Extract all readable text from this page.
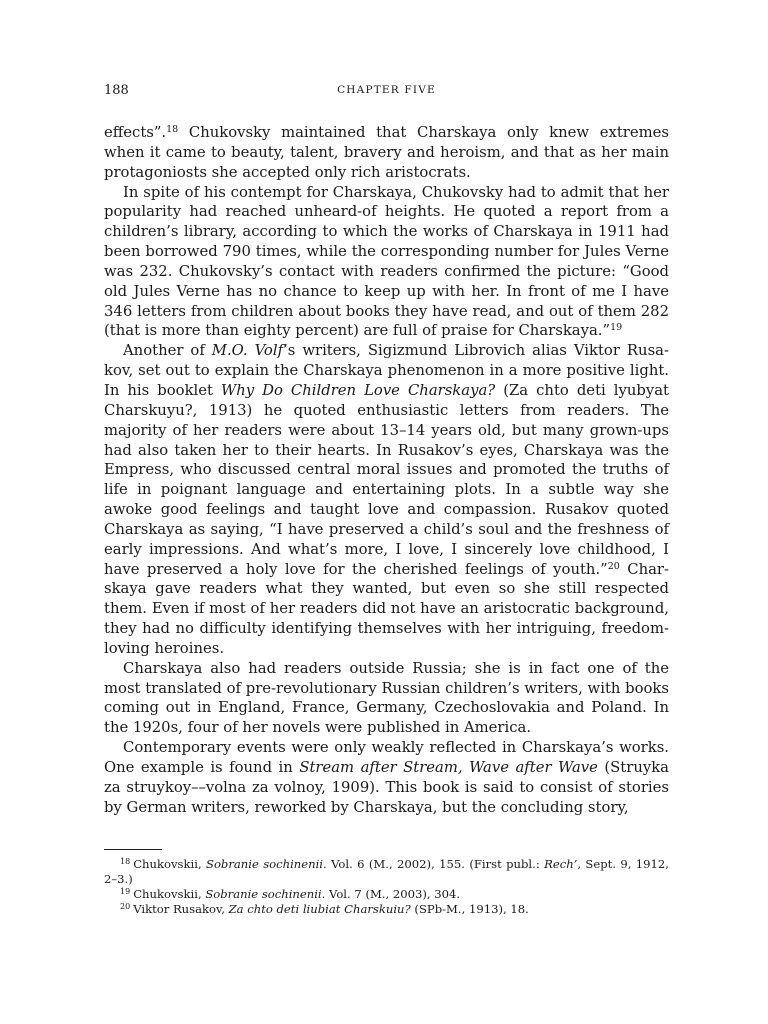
188	CHAPTER FIVE

effects”.$^{18}$ Chukovsky maintained that Charskaya only knew extremes when it came to beauty, talent, bravery and heroism, and that as her main protagoniosts she accepted only rich aristocrats.

In spite of his contempt for Charskaya, Chukovsky had to admit that her popularity had reached unheard-of heights. He quoted a report from a children’s library, according to which the works of Charskaya in 1911 had been borrowed 790 times, while the corresponding number for Jules Verne was 232. Chukovsky’s contact with readers confirmed the picture: “Good old Jules Verne has no chance to keep up with her. In front of me I have 346 letters from children about books they have read, and out of them 282 (that is more than eighty percent) are full of praise for Charskaya.”$^{19}$

Another of M.O. Volf’s writers, Sigizmund Librovich alias Viktor Rusakov, set out to explain the Charskaya phenomenon in a more positive light. In his booklet Why Do Children Love Charskaya? (Za chto deti lyubyat Charskuyu?, 1913) he quoted enthusiastic letters from readers. The majority of her readers were about 13–14 years old, but many grown-ups had also taken her to their hearts. In Rusakov’s eyes, Charskaya was the Empress, who discussed central moral issues and promoted the truths of life in poignant language and entertaining plots. In a subtle way she awoke good feelings and taught love and compassion. Rusakov quoted Charskaya as saying, “I have preserved a child’s soul and the freshness of early impressions. And what’s more, I love, I sincerely love childhood, I have preserved a holy love for the cherished feelings of youth.”$^{20}$ Charskaya gave readers what they wanted, but even so she still respected them. Even if most of her readers did not have an aristocratic background, they had no difficulty identifying themselves with her intriguing, freedom-loving heroines.

Charskaya also had readers outside Russia; she is in fact one of the most translated of pre-revolutionary Russian children’s writers, with books coming out in England, France, Germany, Czechoslovakia and Poland. In the 1920s, four of her novels were published in America.

Contemporary events were only weakly reflected in Charskaya’s works. One example is found in Stream after Stream, Wave after Wave (Struyka za struykoy––volna za volnoy, 1909). This book is said to consist of stories by German writers, reworked by Charskaya, but the concluding story,

$^{18}$ Chukovskii, Sobranie sochinenii. Vol. 6 (M., 2002), 155. (First publ.: Rech’, Sept. 9, 1912, 2–3.)
$^{19}$ Chukovskii, Sobranie sochinenii. Vol. 7 (M., 2003), 304.
$^{20}$ Viktor Rusakov, Za chto deti liubiat Charskuiu? (SPb-M., 1913), 18.
